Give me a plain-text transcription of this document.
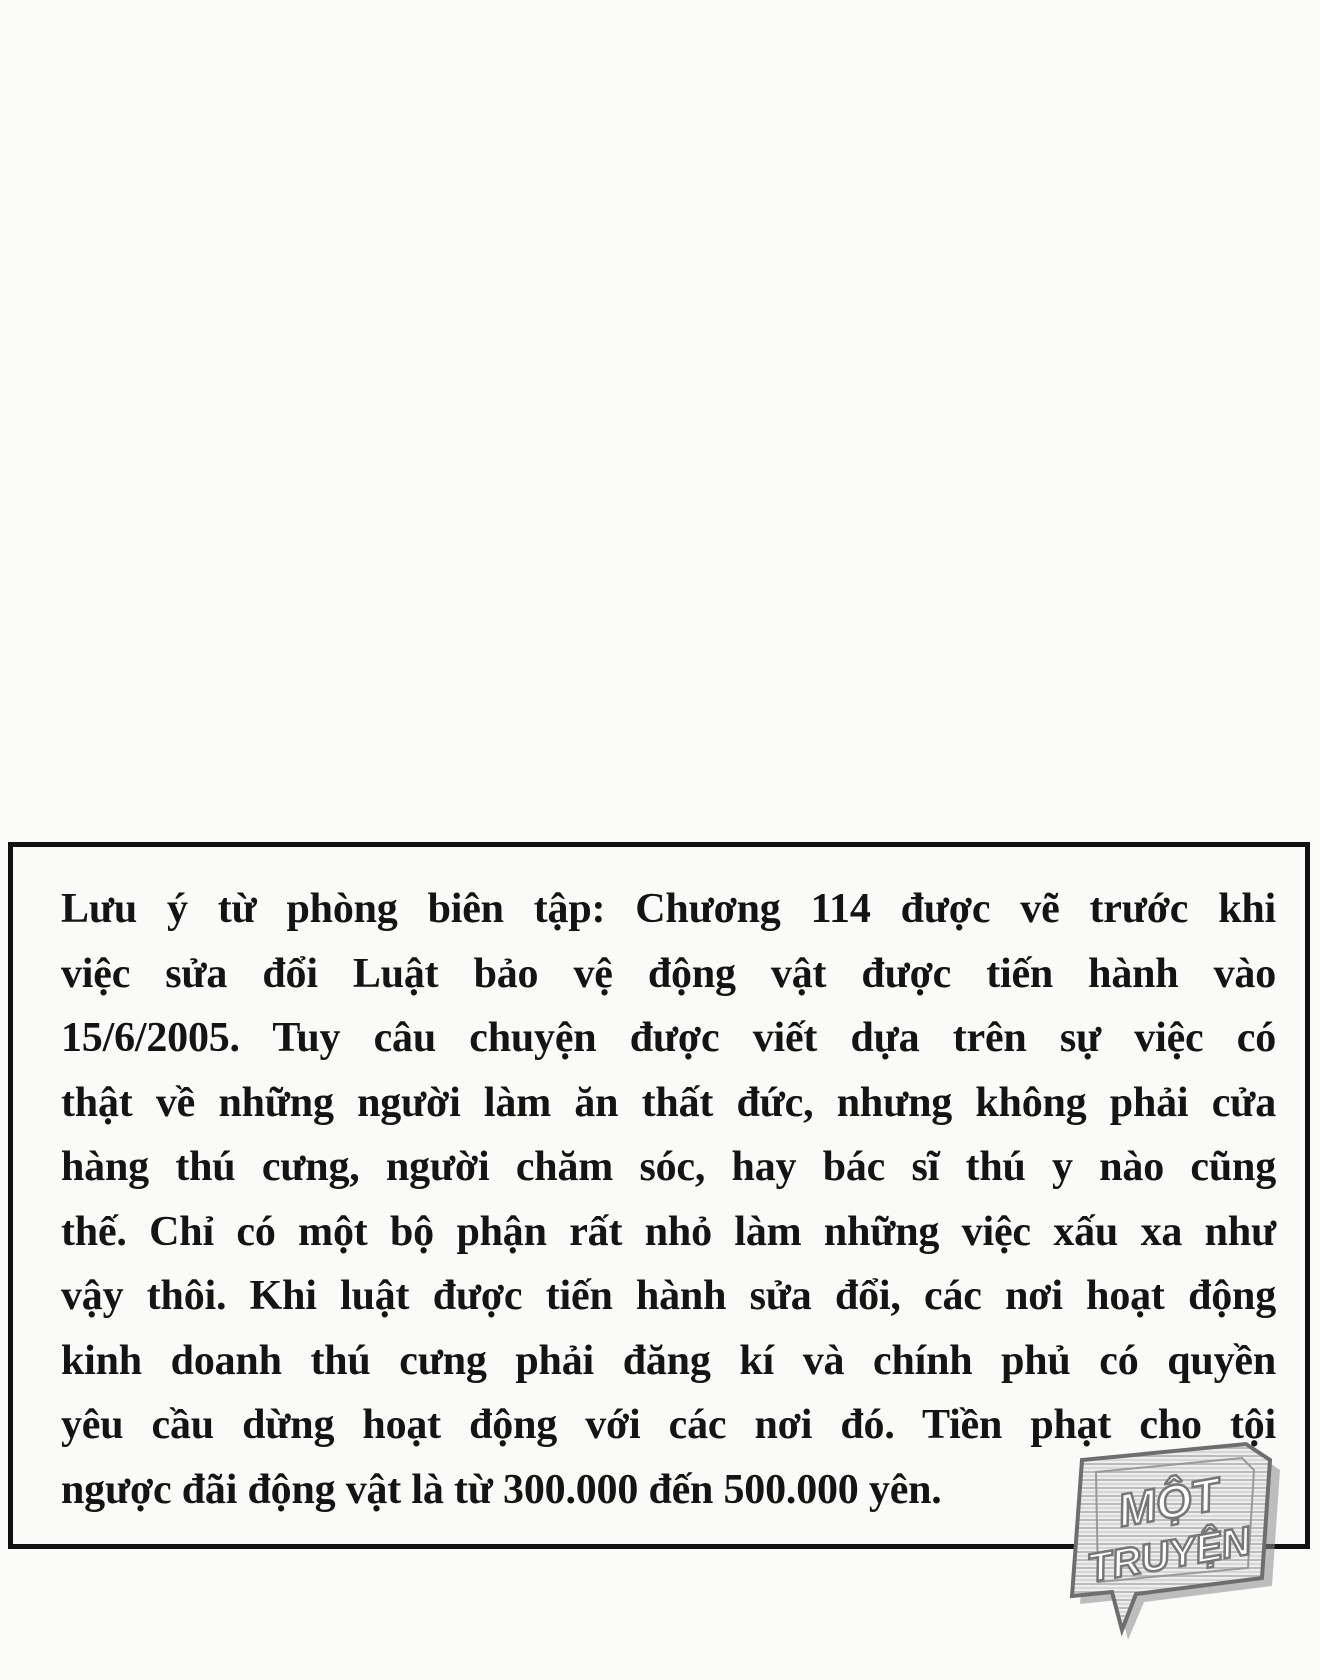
Lưu ý từ phòng biên tập: Chương 114 được vẽ trước khi
việc sửa đổi Luật bảo vệ động vật được tiến hành vào
15/6/2005. Tuy câu chuyện được viết dựa trên sự việc có
thật về những người làm ăn thất đức, nhưng không phải cửa
hàng thú cưng, người chăm sóc, hay bác sĩ thú y nào cũng
thế. Chỉ có một bộ phận rất nhỏ làm những việc xấu xa như
vậy thôi. Khi luật được tiến hành sửa đổi, các nơi hoạt động
kinh doanh thú cưng phải đăng kí và chính phủ có quyền
yêu cầu dừng hoạt động với các nơi đó. Tiền phạt cho tội
ngược đãi động vật là từ 300.000 đến 500.000 yên.	MỘT
TRUYỆN
